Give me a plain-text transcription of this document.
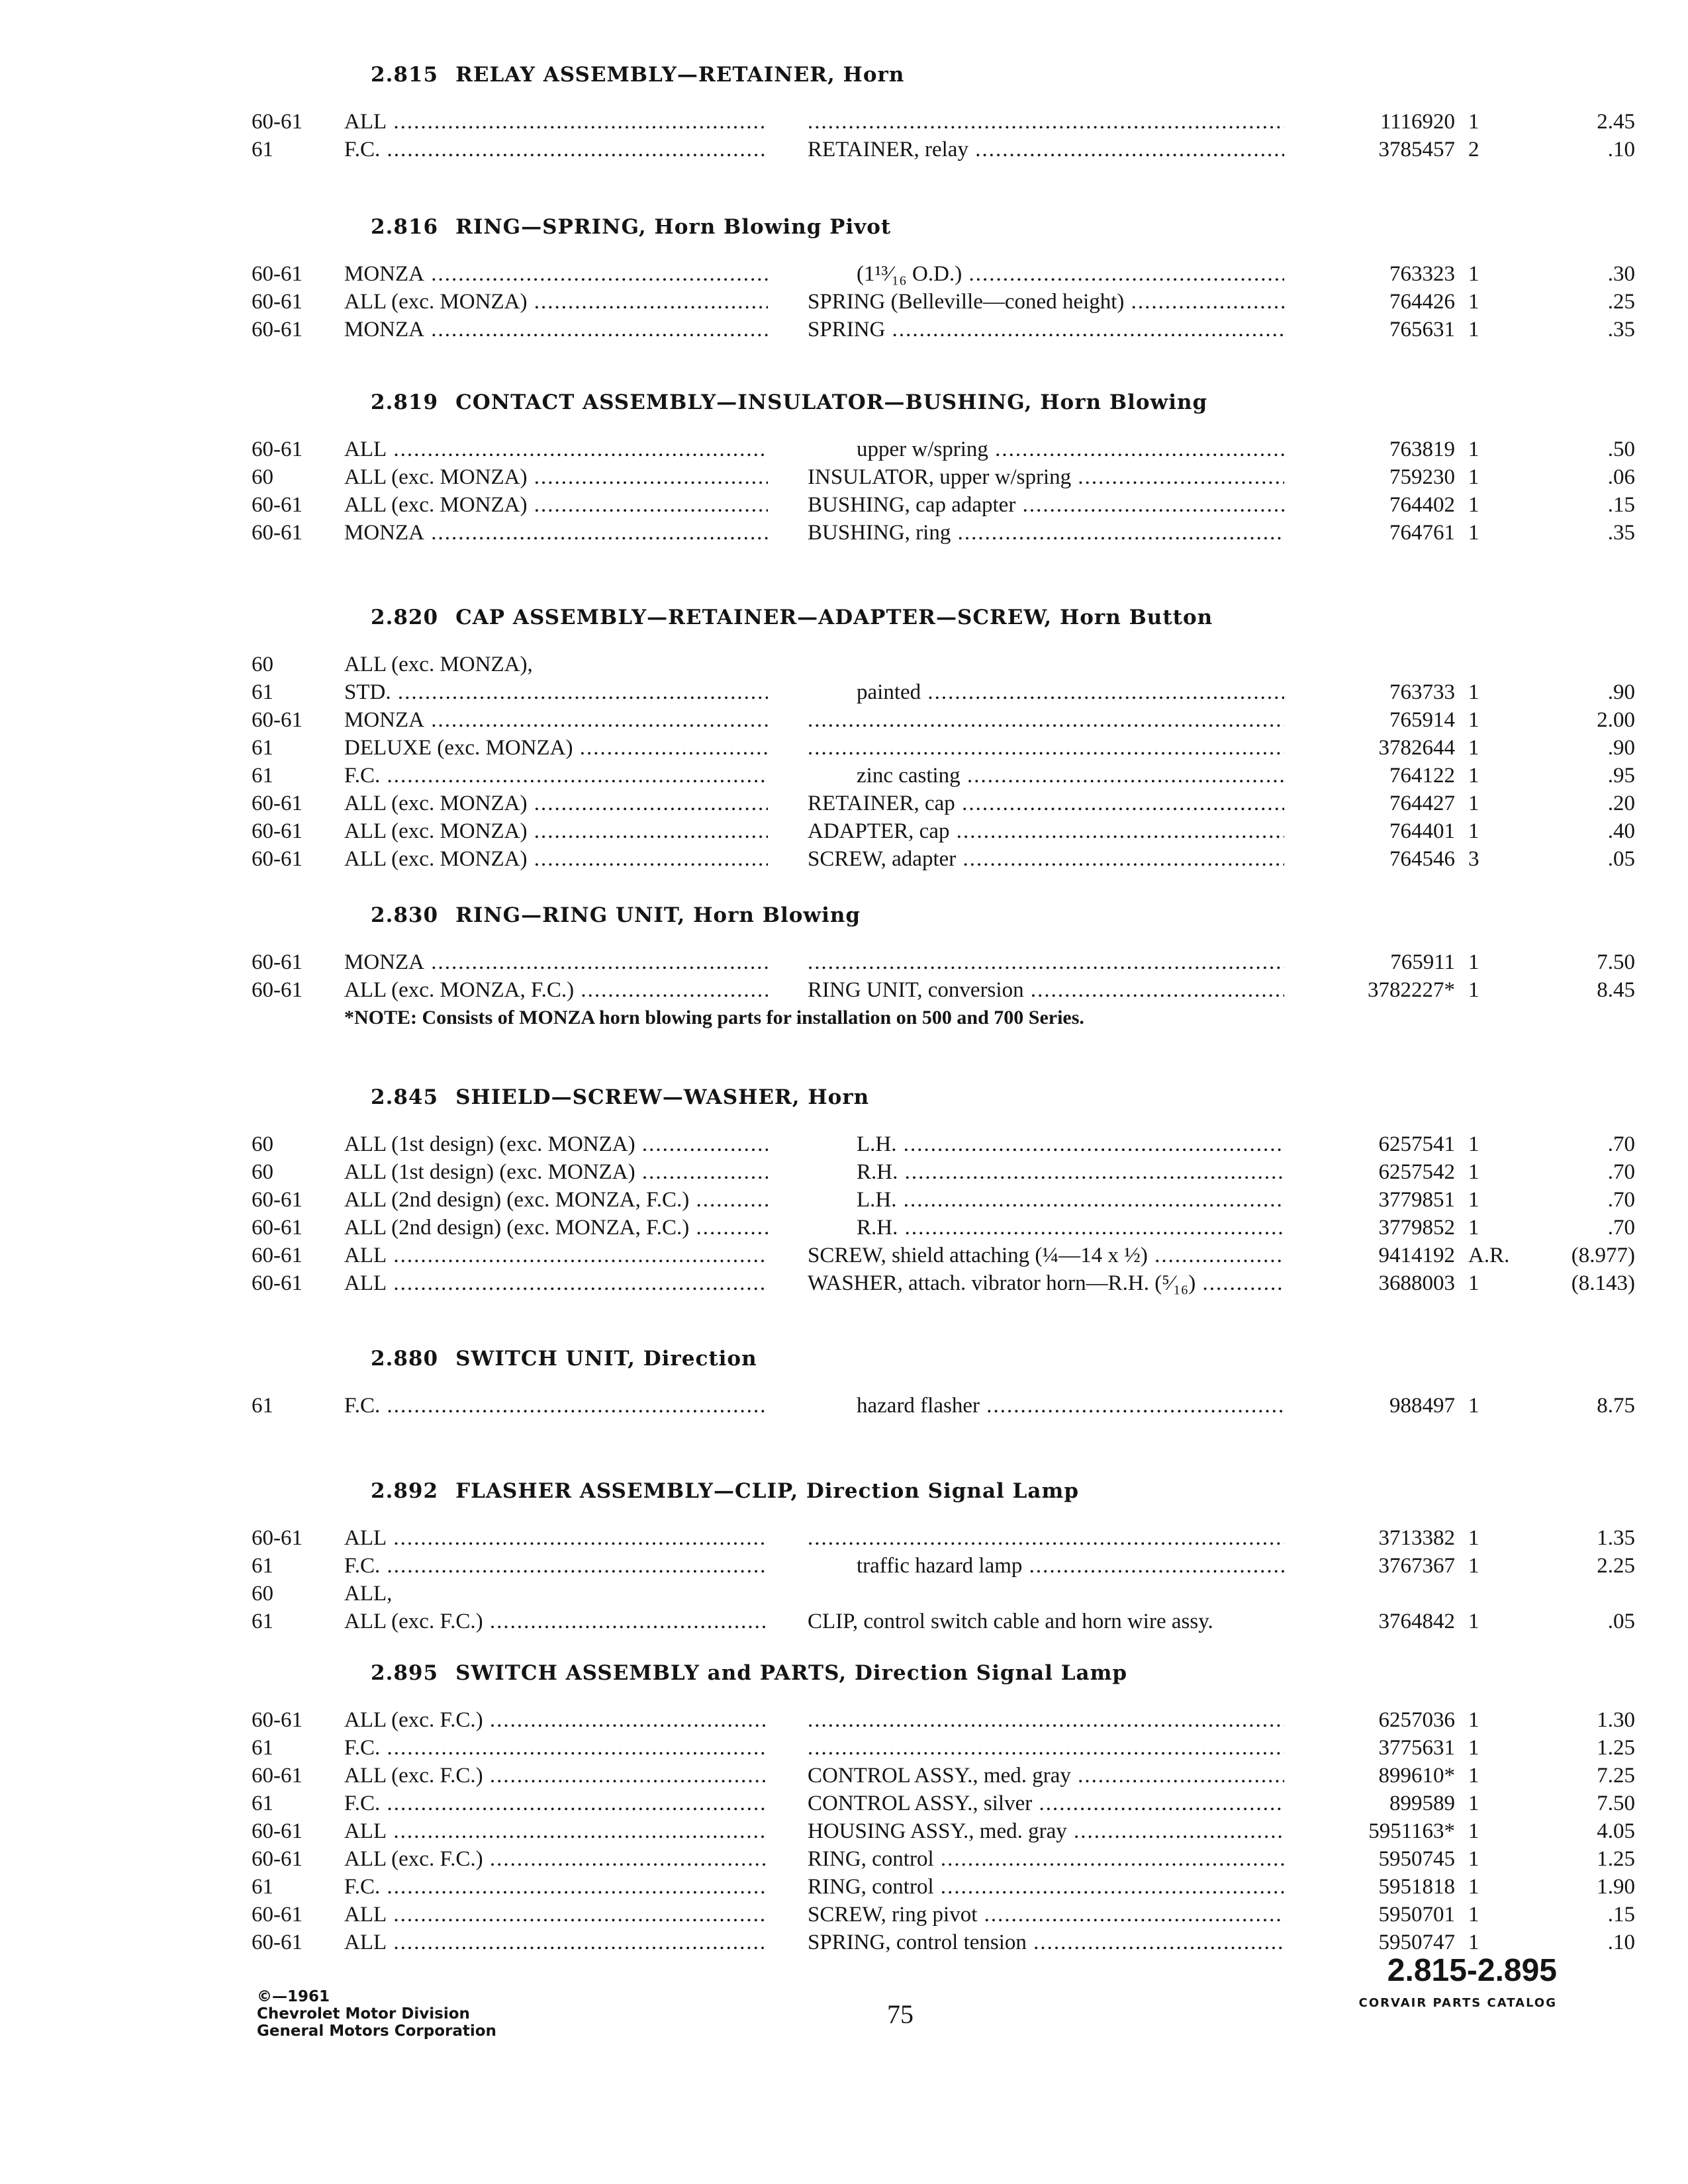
2.815 RELAY ASSEMBLY—RETAINER, Horn
60-61	ALL ..... .....	1116920 1	2.45
61	F.C. .....	RETAINER, relay .....	3785457 2	.10
2.816 RING—SPRING, Horn Blowing Pivot
60-61	MONZA .....	(1¹³⁄₁₆ O.D.) .....	763323 1	.30
60-61	ALL (exc. MONZA) .....	SPRING (Belleville—coned height) .....	764426 1	.25
60-61	MONZA .....	SPRING .....	765631 1	.35
2.819 CONTACT ASSEMBLY—INSULATOR—BUSHING, Horn Blowing
60-61	ALL .....	upper w/spring .....	763819 1	.50
60	ALL (exc. MONZA) .....	INSULATOR, upper w/spring .....	759230 1	.06
60-61	ALL (exc. MONZA) .....	BUSHING, cap adapter .....	764402 1	.15
60-61	MONZA .....	BUSHING, ring .....	764761 1	.35
2.820 CAP ASSEMBLY—RETAINER—ADAPTER—SCREW, Horn Button
60	ALL (exc. MONZA),
61	STD. .....	painted .....	763733 1	.90
60-61	MONZA ..... .....	765914 1	2.00
61	DELUXE (exc. MONZA) ..... .....	3782644 1	.90
61	F.C. .....	zinc casting .....	764122 1	.95
60-61	ALL (exc. MONZA) .....	RETAINER, cap .....	764427 1	.20
60-61	ALL (exc. MONZA) .....	ADAPTER, cap .....	764401 1	.40
60-61	ALL (exc. MONZA) .....	SCREW, adapter .....	764546 3	.05
2.830 RING—RING UNIT, Horn Blowing
60-61	MONZA ..... .....	765911 1	7.50
60-61	ALL (exc. MONZA, F.C.) .....	RING UNIT, conversion .....	3782227* 1	8.45
*NOTE: Consists of MONZA horn blowing parts for installation on 500 and 700 Series.
2.845 SHIELD—SCREW—WASHER, Horn
60	ALL (1st design) (exc. MONZA) .....	L.H. .....	6257541 1	.70
60	ALL (1st design) (exc. MONZA) .....	R.H. .....	6257542 1	.70
60-61	ALL (2nd design) (exc. MONZA, F.C.) .....	L.H. .....	3779851 1	.70
60-61	ALL (2nd design) (exc. MONZA, F.C.) .....	R.H. .....	3779852 1	.70
60-61	ALL .....	SCREW, shield attaching (¼—14 x ½) .....	9414192 A.R.	(8.977)
60-61	ALL .....	WASHER, attach. vibrator horn—R.H. (⁵⁄₁₆) .....	3688003 1	(8.143)
2.880 SWITCH UNIT, Direction
61	F.C. .....	hazard flasher .....	988497 1	8.75
2.892 FLASHER ASSEMBLY—CLIP, Direction Signal Lamp
60-61	ALL ..... .....	3713382 1	1.35
61	F.C. .....	traffic hazard lamp .....	3767367 1	2.25
60	ALL,
61	ALL (exc. F.C.) .....	CLIP, control switch cable and horn wire assy.	3764842 1	.05
2.895 SWITCH ASSEMBLY and PARTS, Direction Signal Lamp
60-61	ALL (exc. F.C.) ..... .....	6257036 1	1.30
61	F.C. ..... .....	3775631 1	1.25
60-61	ALL (exc. F.C.) .....	CONTROL ASSY., med. gray .....	899610* 1	7.25
61	F.C. .....	CONTROL ASSY., silver .....	899589 1	7.50
60-61	ALL .....	HOUSING ASSY., med. gray .....	5951163* 1	4.05
60-61	ALL (exc. F.C.) .....	RING, control .....	5950745 1	1.25
61	F.C. .....	RING, control .....	5951818 1	1.90
60-61	ALL .....	SCREW, ring pivot .....	5950701 1	.15
60-61	ALL .....	SPRING, control tension .....	5950747 1	.10
©—1961
Chevrolet Motor Division
General Motors Corporation
75
2.815-2.895
CORVAIR PARTS CATALOG
